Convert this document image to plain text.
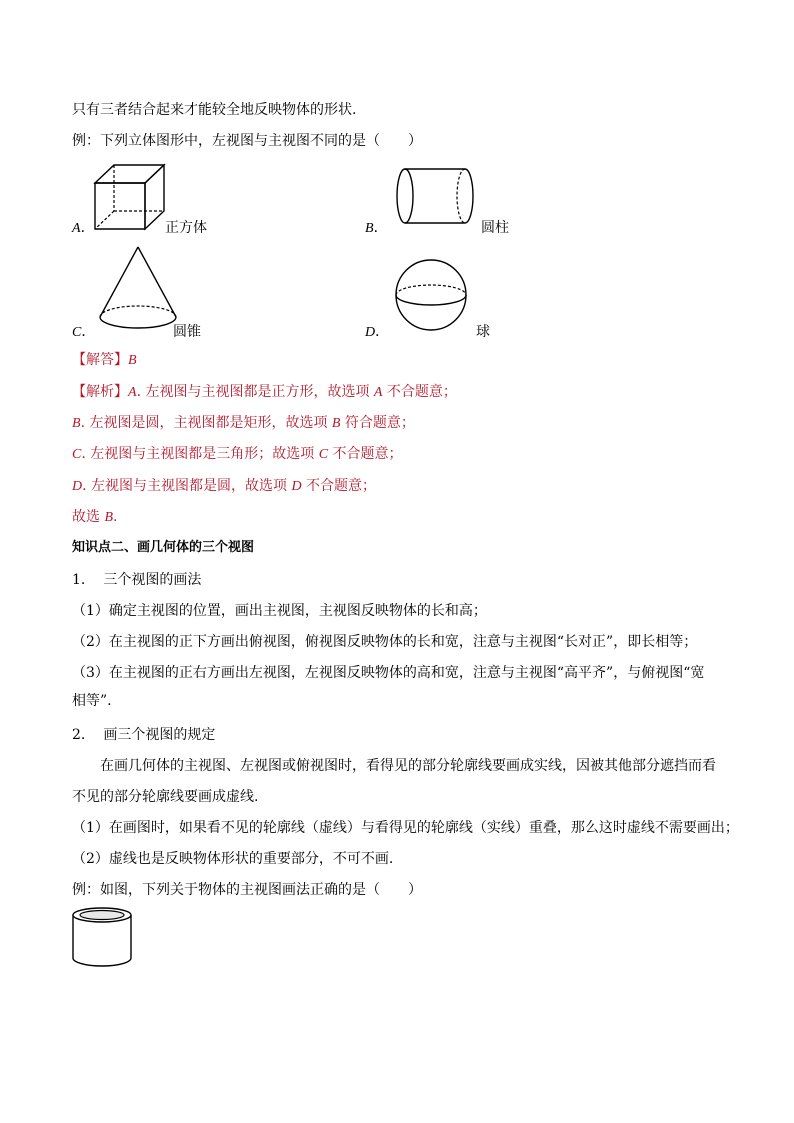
只有三者结合起来才能较全地反映物体的形状.
例：下列立体图形中，左视图与主视图不同的是（　　）
A．	正方体	B．	圆柱
C．	圆锥	D．	球
【解答】B
【解析】A. 左视图与主视图都是正方形，故选项 A 不合题意；
B. 左视图是圆，主视图都是矩形，故选项 B 符合题意；
C. 左视图与主视图都是三角形；故选项 C 不合题意；
D. 左视图与主视图都是圆，故选项 D 不合题意；
故选 B.
知识点二、画几何体的三个视图
1. 三个视图的画法
（1）确定主视图的位置，画出主视图，主视图反映物体的长和高；
（2）在主视图的正下方画出俯视图，俯视图反映物体的长和宽，注意与主视图“长对正”，即长相等；
（3）在主视图的正右方画出左视图，左视图反映物体的高和宽，注意与主视图“高平齐”，与俯视图“宽
相等”.
2. 画三个视图的规定
　　在画几何体的主视图、左视图或俯视图时，看得见的部分轮廓线要画成实线，因被其他部分遮挡而看
不见的部分轮廓线要画成虚线.
（1）在画图时，如果看不见的轮廓线（虚线）与看得见的轮廓线（实线）重叠，那么这时虚线不需要画出；
（2）虚线也是反映物体形状的重要部分，不可不画.
例：如图，下列关于物体的主视图画法正确的是（　　）
